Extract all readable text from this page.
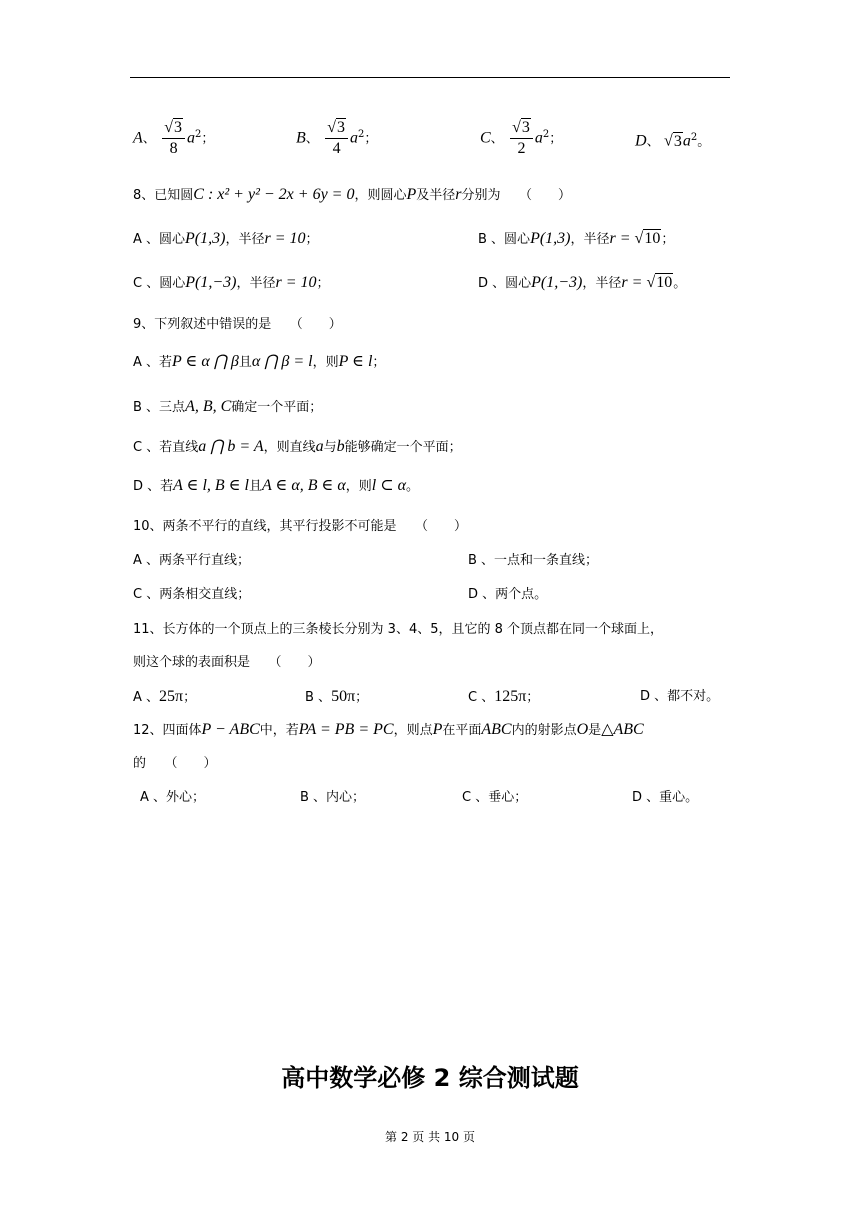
A、 $\frac{√3}{8} a^2$；	B、 $\frac{√3}{4} a^2$；	C、 $\frac{√3}{2} a^2$；	D、 $√3a^2$。
8、已知圆C : x² + y² − 2x + 6y = 0，则圆心P及半径r分别为 （　　）
A 、圆心P(1,3)，半径r = 10；	B 、圆心P(1,3)，半径r = √10；
C 、圆心P(1,−3)，半径r = 10；	D 、圆心P(1,−3)，半径r = √10。
9、下列叙述中错误的是 （　　）
A 、若P ∈ α ⋂ β且α ⋂ β = l，则P ∈ l；
B 、三点A, B, C确定一个平面；
C 、若直线a ⋂ b = A，则直线a与b能够确定一个平面；
D 、若A ∈ l, B ∈ l且A ∈ α, B ∈ α，则l ⊂ α。
10、两条不平行的直线，其平行投影不可能是 （　　）
A 、两条平行直线；	B 、一点和一条直线；
C 、两条相交直线；	D 、两个点。
11、长方体的一个顶点上的三条棱长分别为 3、4、5，且它的 8 个顶点都在同一个球面上，
则这个球的表面积是 （　　）
A 、25π；	B 、50π；	C 、125π；	D 、都不对。
12、四面体P − ABC中，若PA = PB = PC，则点P在平面ABC内的射影点O是△ABC
的 （　　）
A 、外心；	B 、内心；	C 、垂心；	D 、重心。
高中数学必修 2 综合测试题
第 2 页 共 10 页
